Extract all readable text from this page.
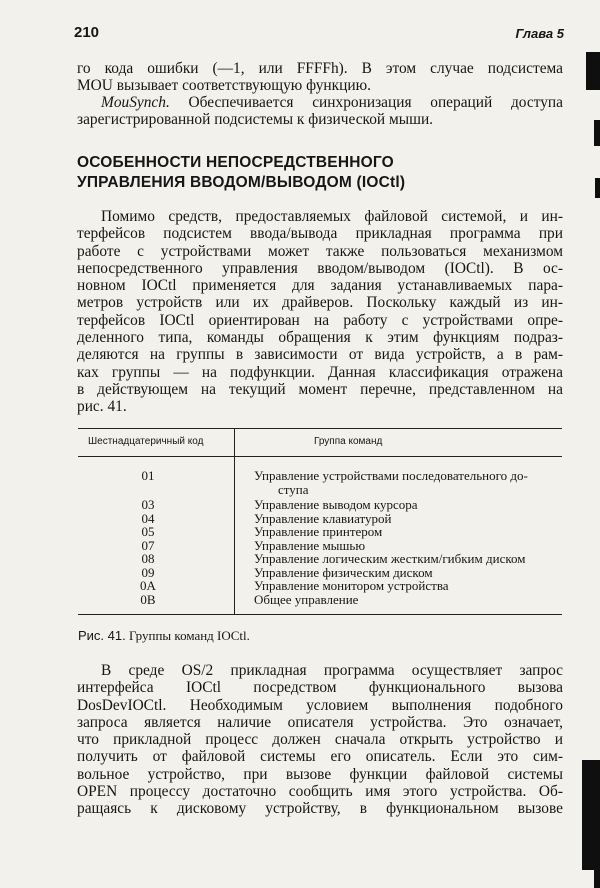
210	Глава 5
го кода ошибки (—1, или FFFFh). В этом случае подсистема
MOU вызывает соответствующую функцию.
MouSynch. Обеспечивается синхронизация операций доступа
зарегистрированной подсистемы к физической мыши.
ОСОБЕННОСТИ НЕПОСРЕДСТВЕННОГО
УПРАВЛЕНИЯ ВВОДОМ/ВЫВОДОМ (IOCtl)
Помимо средств, предоставляемых файловой системой, и ин-
терфейсов подсистем ввода/вывода прикладная программа при
работе с устройствами может также пользоваться механизмом
непосредственного управления вводом/выводом (IOCtl). В ос-
новном IOCtl применяется для задания устанавливаемых пара-
метров устройств или их драйверов. Поскольку каждый из ин-
терфейсов IOCtl ориентирован на работу с устройствами опре-
деленного типа, команды обращения к этим функциям подраз-
деляются на группы в зависимости от вида устройств, а в рам-
ках группы — на подфункции. Данная классификация отражена
в действующем на текущий момент перечне, представленном на
рис. 41.
Шестнадцатеричный код	Группа команд
01	Управление устройствами последовательного до-
ступа
03	Управление выводом курсора
04	Управление клавиатурой
05	Управление принтером
07	Управление мышью
08	Управление логическим жестким/гибким диском
09	Управление физическим диском
0A	Управление монитором устройства
0B	Общее управление
Рис. 41. Группы команд IOCtl.
В среде OS/2 прикладная программа осуществляет запрос
интерфейса IOCtl посредством функционального вызова
DosDevIOCtl. Необходимым условием выполнения подобного
запроса является наличие описателя устройства. Это означает,
что прикладной процесс должен сначала открыть устройство и
получить от файловой системы его описатель. Если это сим-
вольное устройство, при вызове функции файловой системы
OPEN процессу достаточно сообщить имя этого устройства. Об-
ращаясь к дисковому устройству, в функциональном вызове
